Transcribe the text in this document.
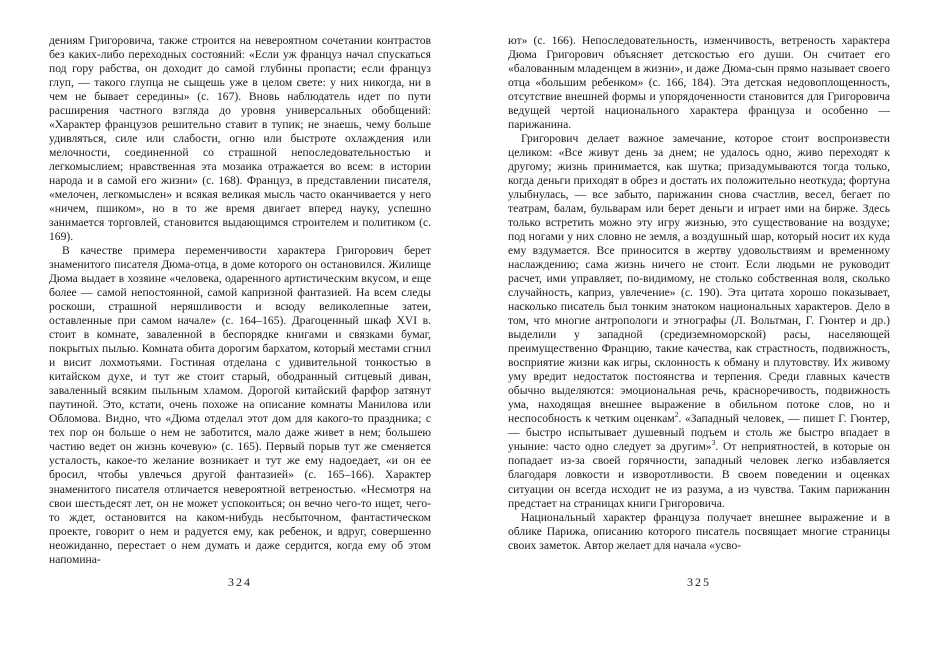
дениям Григоровича, также строится на невероятном сочетании контрастов без каких-либо переходных состояний: «Если уж француз начал спускаться под гору рабства, он доходит до самой глубины пропасти; если француз глуп, — такого глупца не сыщешь уже в целом свете: у них никогда, ни в чем не бывает середины» (с. 167). Вновь наблюдатель идет по пути расширения частного взгляда до уровня универсальных обобщений: «Характер французов решительно ставит в тупик; не знаешь, чему больше удивляться, силе или слабости, огню или быстроте охлаждения или мелочности, соединенной со страшной непоследовательностью и легкомыслием; нравственная эта мозаика отражается во всем: в истории народа и в самой его жизни» (с. 168). Француз, в представлении писателя, «мелочен, легкомыслен» и всякая великая мысль часто оканчивается у него «ничем, пшиком», но в то же время двигает вперед науку, успешно занимается торговлей, становится выдающимся строителем и политиком (с. 169).

В качестве примера переменчивости характера Григорович берет знаменитого писателя Дюма-отца, в доме которого он остановился. Жилище Дюма выдает в хозяине «человека, одаренного артистическим вкусом, и еще более — самой непостоянной, самой капризной фантазией. На всем следы роскоши, страшной неряшливости и всюду великолепные затеи, оставленные при самом начале» (с. 164–165). Драгоценный шкаф XVI в. стоит в комнате, заваленной в беспорядке книгами и связками бумаг, покрытых пылью. Комната обита дорогим бархатом, который местами сгнил и висит лохмотьями. Гостиная отделана с удивительной тонкостью в китайском духе, и тут же стоит старый, ободранный ситцевый диван, заваленный всяким пыльным хламом. Дорогой китайский фарфор затянут паутиной. Это, кстати, очень похоже на описание комнаты Манилова или Обломова. Видно, что «Дюма отделал этот дом для какого-то праздника; с тех пор он больше о нем не заботится, мало даже живет в нем; большею частию ведет он жизнь кочевую» (с. 165). Первый порыв тут же сменяется усталость, какое-то желание возникает и тут же ему надоедает, «и он ее бросил, чтобы увлечься другой фантазией» (с. 165–166). Характер знаменитого писателя отличается невероятной ветреностью. «Несмотря на свои шестьдесят лет, он не может успокоиться; он вечно чего-то ищет, чего-то ждет, остановится на каком-нибудь несбыточном, фантастическом проекте, говорит о нем и радуется ему, как ребенок, и вдруг, совершенно неожиданно, перестает о нем думать и даже сердится, когда ему об этом напомина-

324

ют» (с. 166). Непоследовательность, изменчивость, ветреность характера Дюма Григорович объясняет детскостью его души. Он считает его «балованным младенцем в жизни», и даже Дюма-сын прямо называет своего отца «большим ребенком» (с. 166, 184). Эта детская недовоплощенность, отсутствие внешней формы и упорядоченности становится для Григоровича ведущей чертой национального характера француза и особенно — парижанина.

Григорович делает важное замечание, которое стоит воспроизвести целиком: «Все живут день за днем; не удалось одно, живо переходят к другому; жизнь принимается, как шутка; призадумываются тогда только, когда деньги приходят в обрез и достать их положительно неоткуда; фортуна улыбнулась, — все забыто, парижанин снова счастлив, весел, бегает по театрам, балам, бульварам или берет деньги и играет ими на бирже. Здесь только встретить можно эту игру жизнью, это существование на воздухе; под ногами у них словно не земля, а воздушный шар, который носит их куда ему вздумается. Все приносится в жертву удовольствиям и временному наслаждению; сама жизнь ничего не стоит. Если людьми не руководит расчет, ими управляет, по-видимому, не столько собственная воля, сколько случайность, каприз, увлечение» (с. 190). Эта цитата хорошо показывает, насколько писатель был тонким знатоком национальных характеров. Дело в том, что многие антропологи и этнографы (Л. Вольтман, Г. Гюнтер и др.) выделили у западной (средиземноморской) расы, населяющей преимущественно Францию, такие качества, как страстность, подвижность, восприятие жизни как игры, склонность к обману и плутовству. Их живому уму вредит недостаток постоянства и терпения. Среди главных качеств обычно выделяются: эмоциональная речь, красноречивость, подвижность ума, находящая внешнее выражение в обильном потоке слов, но и неспособность к четким оценкам$^2$. «Западный человек, — пишет Г. Гюнтер, — быстро испытывает душевный подъем и столь же быстро впадает в уныние: часто одно следует за другим»$^3$. От неприятностей, в которые он попадает из-за своей горячности, западный человек легко избавляется благодаря ловкости и изворотливости. В своем поведении и оценках ситуации он всегда исходит не из разума, а из чувства. Таким парижанин предстает на страницах книги Григоровича.

Национальный характер француза получает внешнее выражение и в облике Парижа, описанию которого писатель посвящает многие страницы своих заметок. Автор желает для начала «усво-

325
